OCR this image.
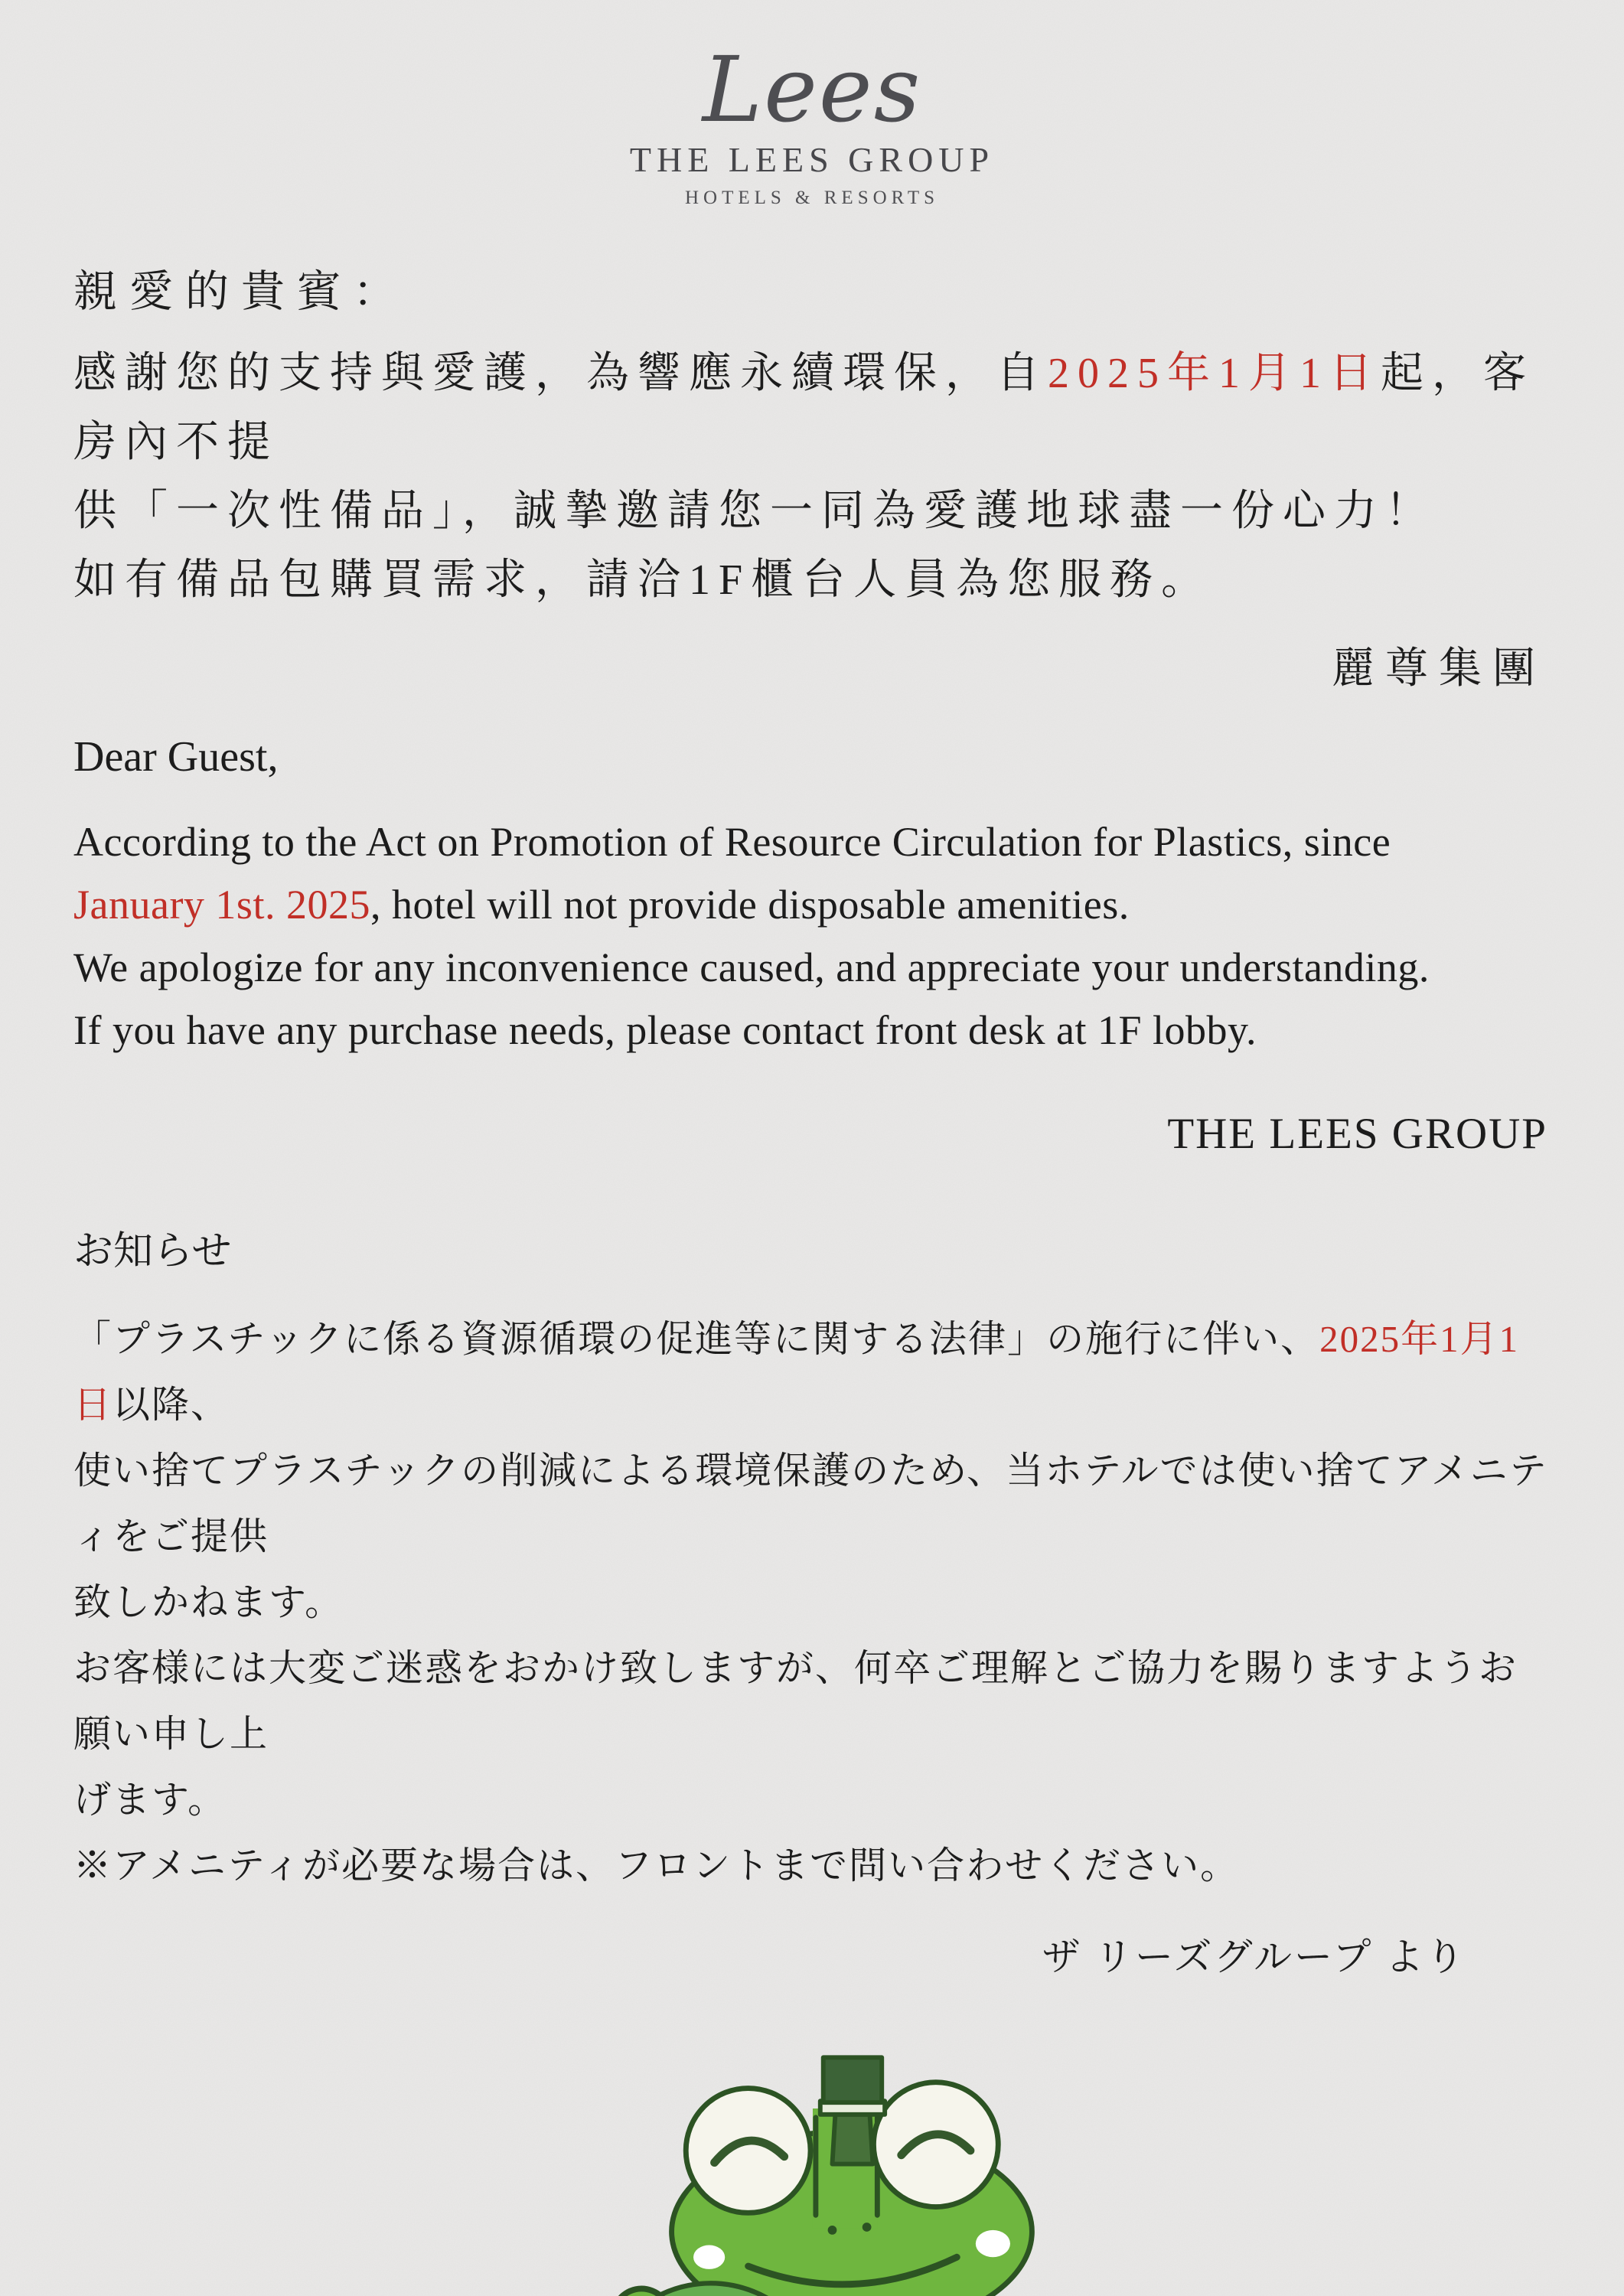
Lees
THE LEES GROUP
HOTELS & RESORTS
親愛的貴賓：
感謝您的支持與愛護，為響應永續環保，自2025年1月1日起，客房內不提
供「一次性備品」，誠摯邀請您一同為愛護地球盡一份心力！
如有備品包購買需求，請洽1F櫃台人員為您服務。
麗尊集團
Dear Guest,
According to the Act on Promotion of Resource Circulation for Plastics, since
January 1st. 2025, hotel will not provide disposable amenities.
We apologize for any inconvenience caused, and appreciate your understanding.
If you have any purchase needs, please contact front desk at 1F lobby.
THE LEES GROUP
お知らせ
「プラスチックに係る資源循環の促進等に関する法律」の施行に伴い、2025年1月1日以降、
使い捨てプラスチックの削減による環境保護のため、当ホテルでは使い捨てアメニティをご提供
致しかねます。
お客様には大変ご迷惑をおかけ致しますが、何卒ご理解とご協力を賜りますようお願い申し上
げます。
※アメニティが必要な場合は、フロントまで問い合わせください。
ザ リーズグループ より
